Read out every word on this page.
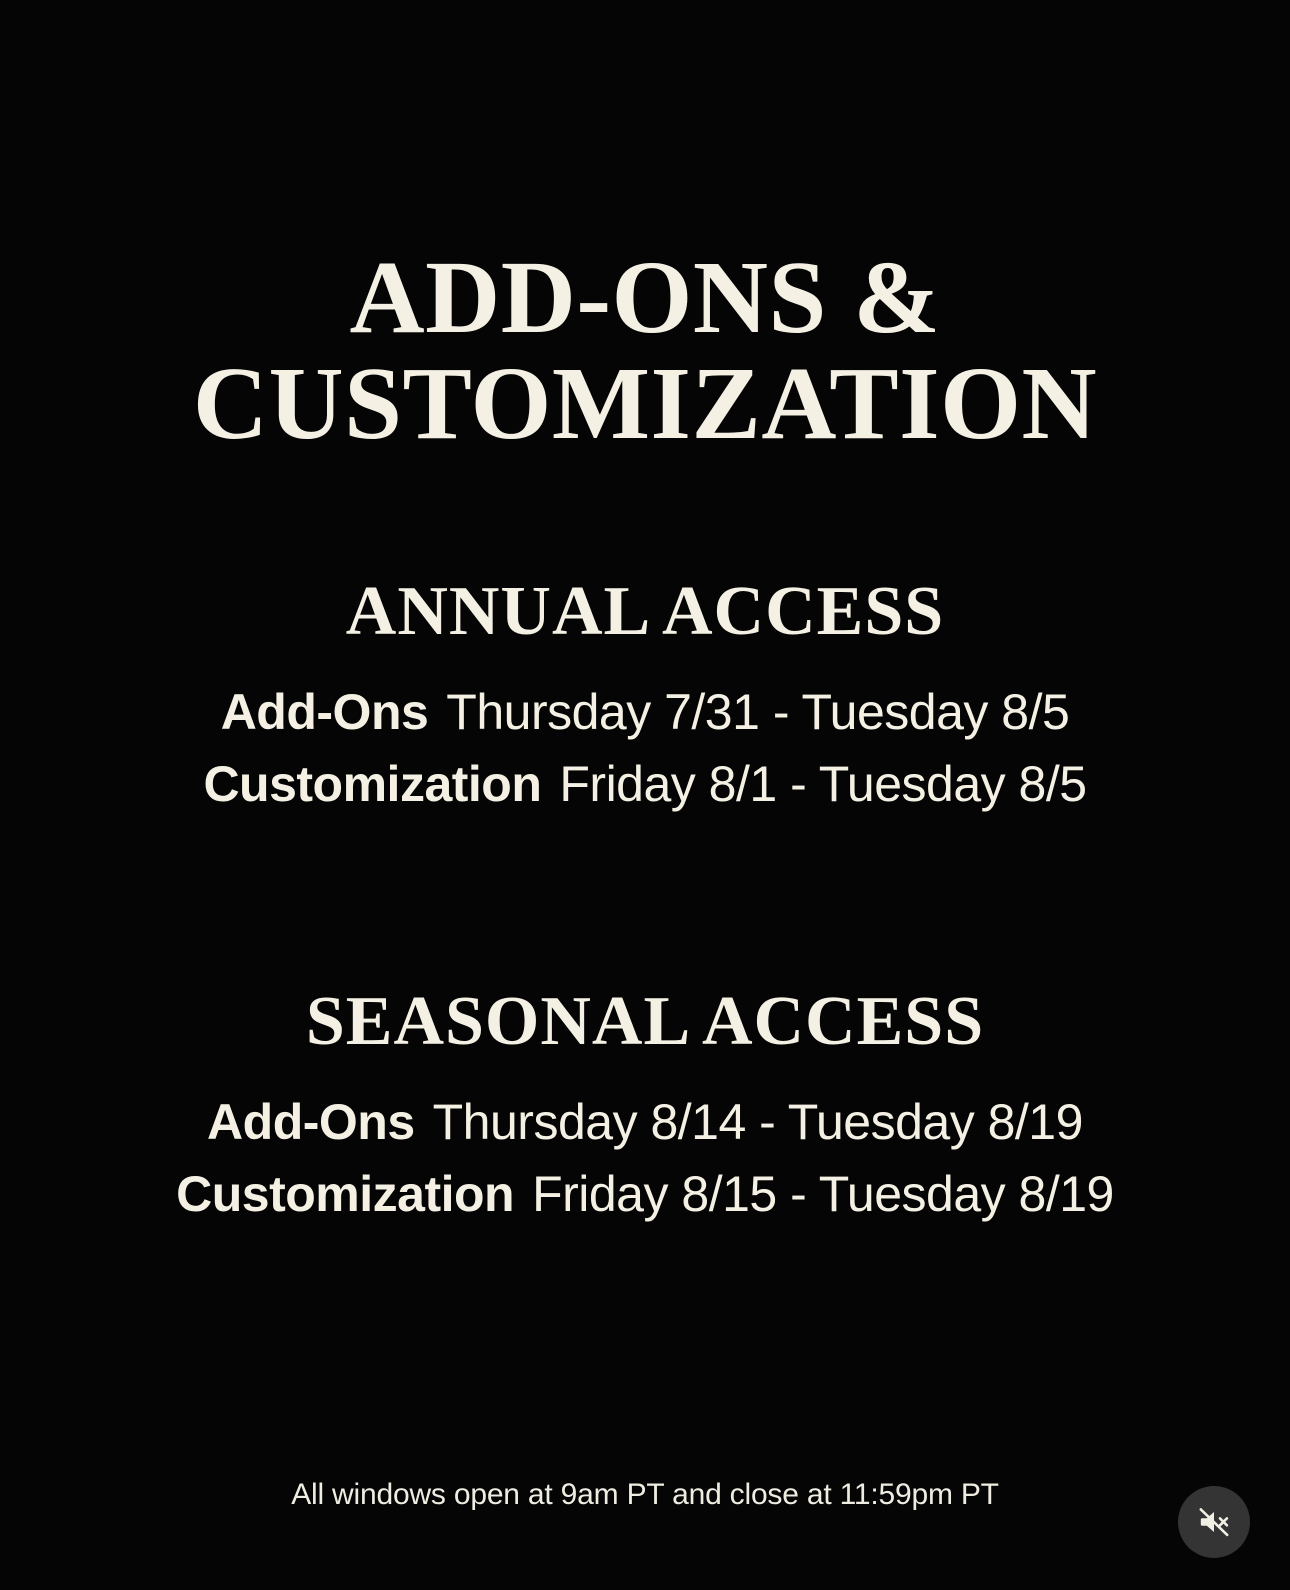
ADD-ONS &
CUSTOMIZATION
ANNUAL ACCESS
Add-Ons Thursday 7/31 - Tuesday 8/5
Customization Friday 8/1 - Tuesday 8/5
SEASONAL ACCESS
Add-Ons Thursday 8/14 - Tuesday 8/19
Customization Friday 8/15 - Tuesday 8/19
All windows open at 9am PT and close at 11:59pm PT
